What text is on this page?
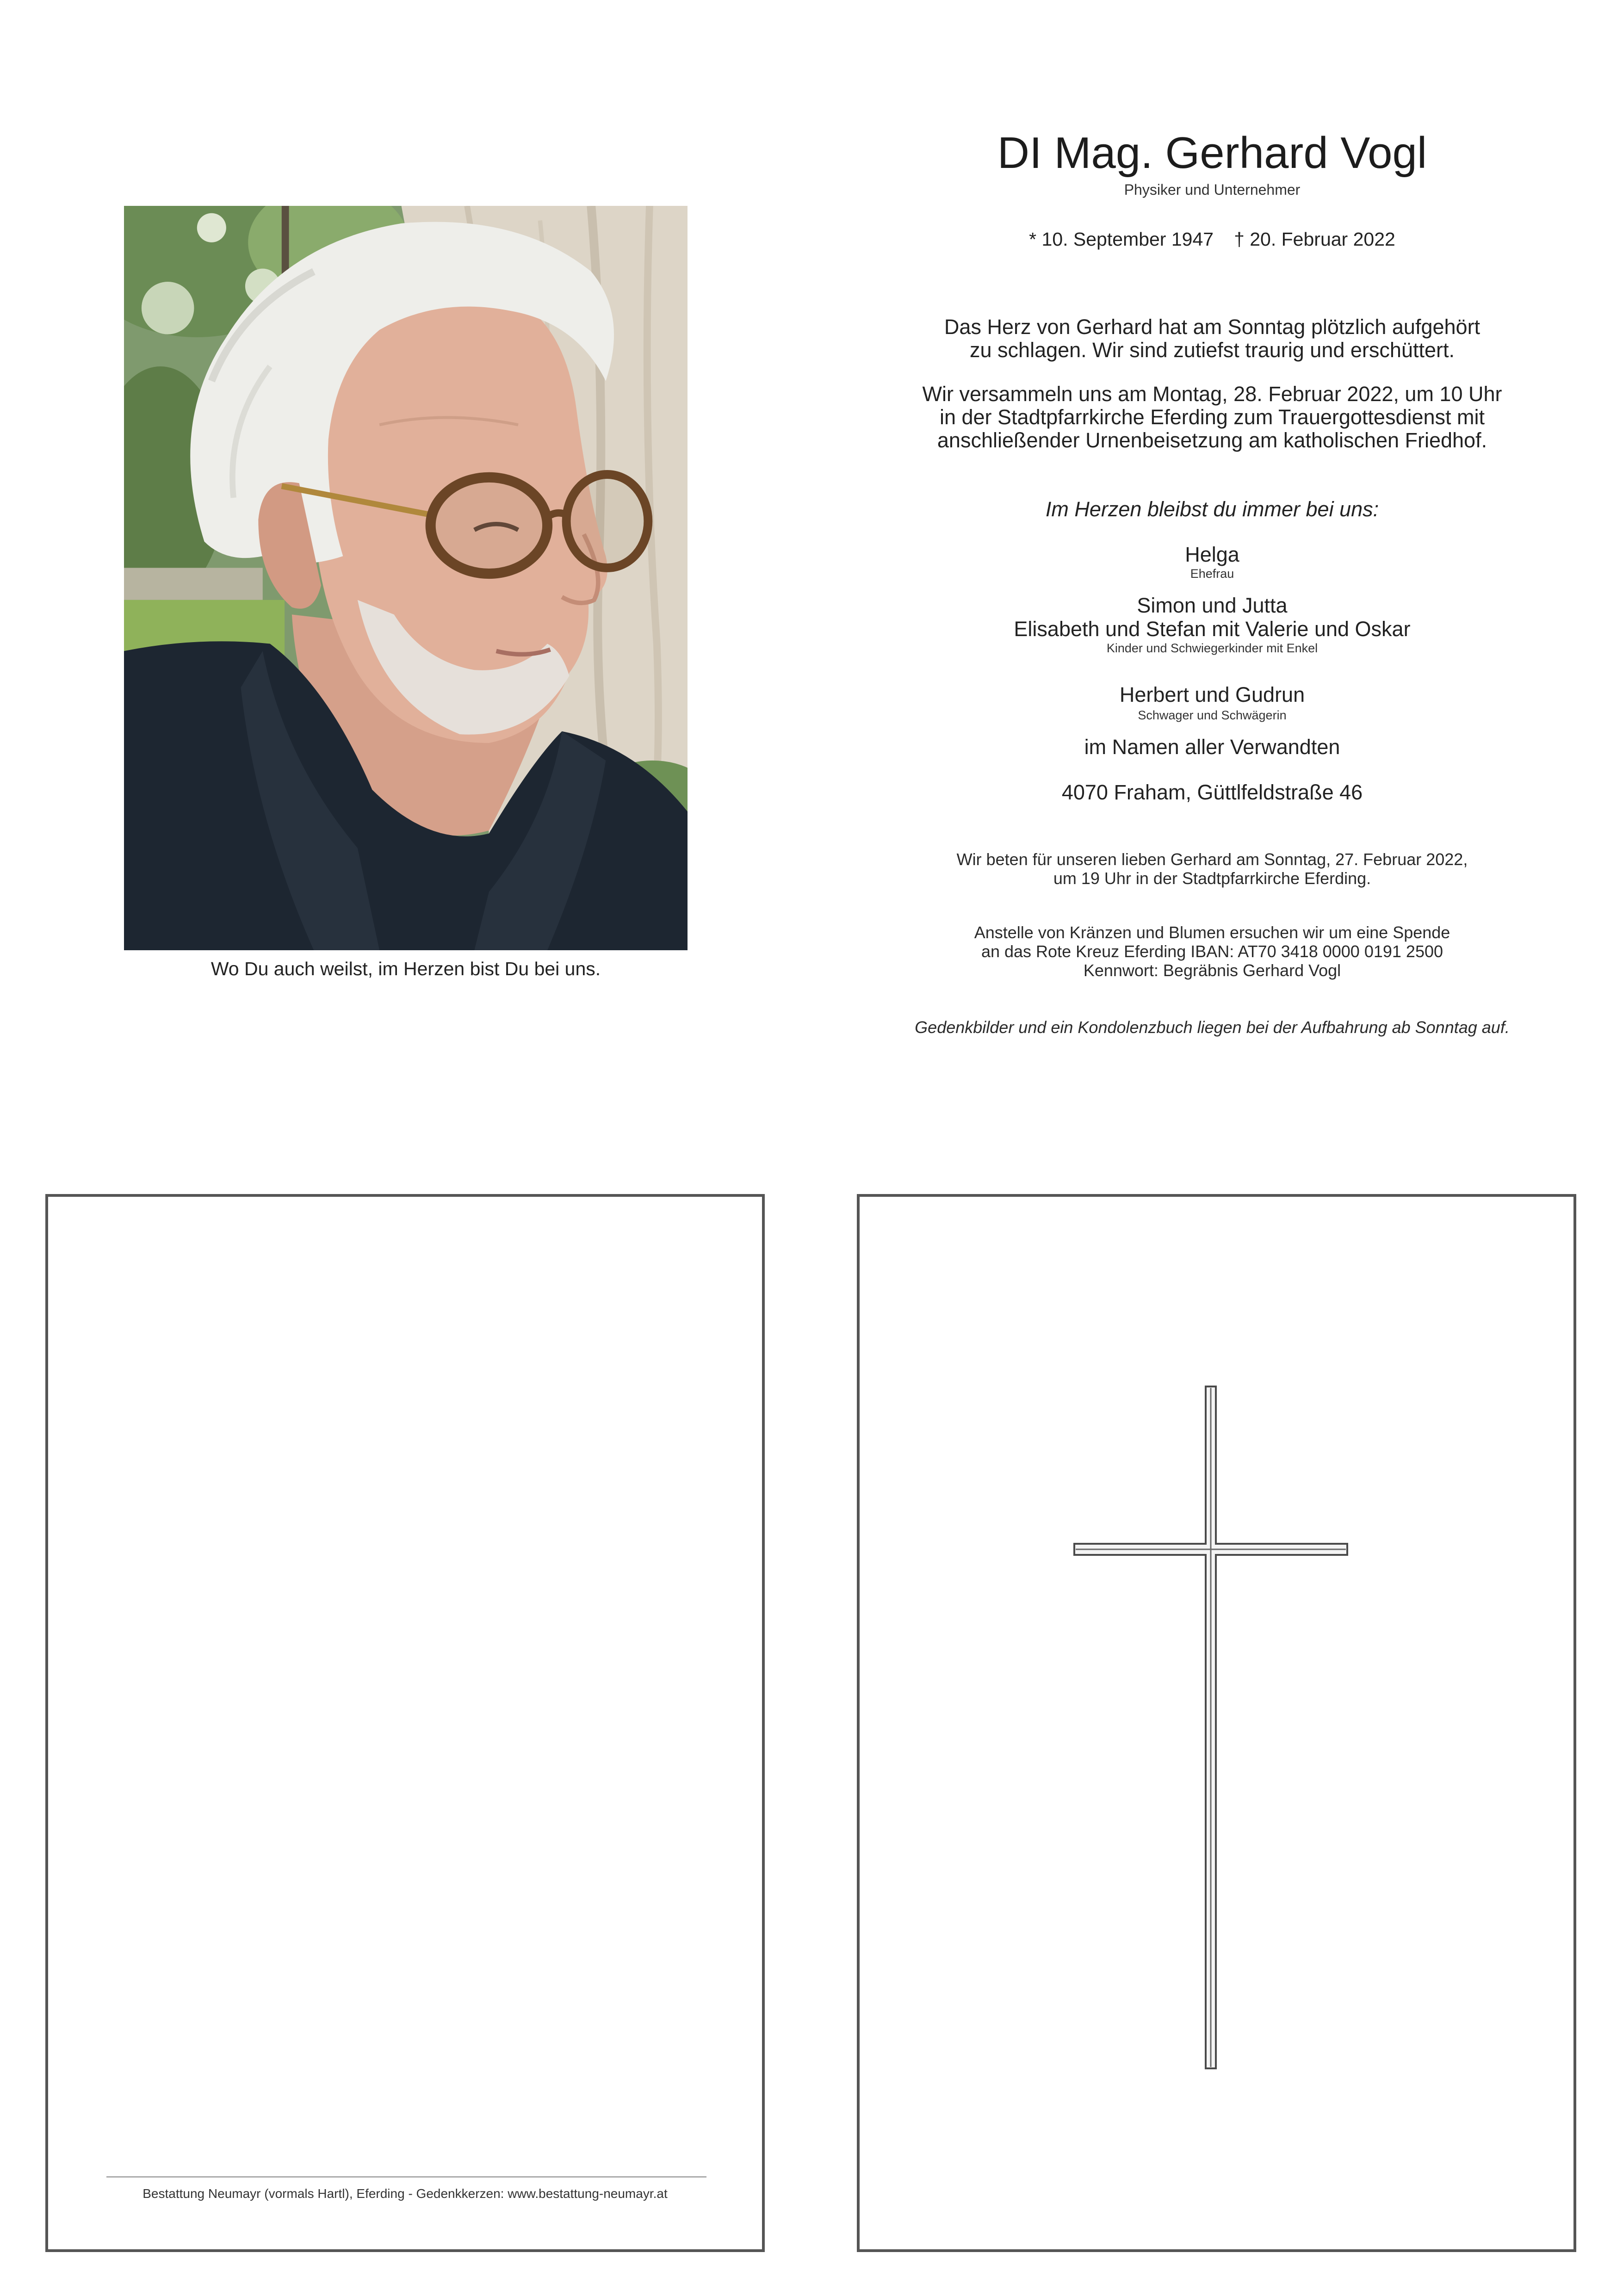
Wo Du auch weilst, im Herzen bist Du bei uns.
DI Mag. Gerhard Vogl
Physiker und Unternehmer
* 10. September 1947 † 20. Februar 2022
Das Herz von Gerhard hat am Sonntag plötzlich aufgehört
zu schlagen. Wir sind zutiefst traurig und erschüttert.
Wir versammeln uns am Montag, 28. Februar 2022, um 10 Uhr
in der Stadtpfarrkirche Eferding zum Trauergottesdienst mit
anschließender Urnenbeisetzung am katholischen Friedhof.
Im Herzen bleibst du immer bei uns:
Helga
Ehefrau
Simon und Jutta
Elisabeth und Stefan mit Valerie und Oskar
Kinder und Schwiegerkinder mit Enkel
Herbert und Gudrun
Schwager und Schwägerin
im Namen aller Verwandten
4070 Fraham, Güttlfeldstraße 46
Wir beten für unseren lieben Gerhard am Sonntag, 27. Februar 2022,
um 19 Uhr in der Stadtpfarrkirche Eferding.
Anstelle von Kränzen und Blumen ersuchen wir um eine Spende
an das Rote Kreuz Eferding IBAN: AT70 3418 0000 0191 2500
Kennwort: Begräbnis Gerhard Vogl
Gedenkbilder und ein Kondolenzbuch liegen bei der Aufbahrung ab Sonntag auf.
Bestattung Neumayr (vormals Hartl), Eferding - Gedenkkerzen: www.bestattung-neumayr.at
